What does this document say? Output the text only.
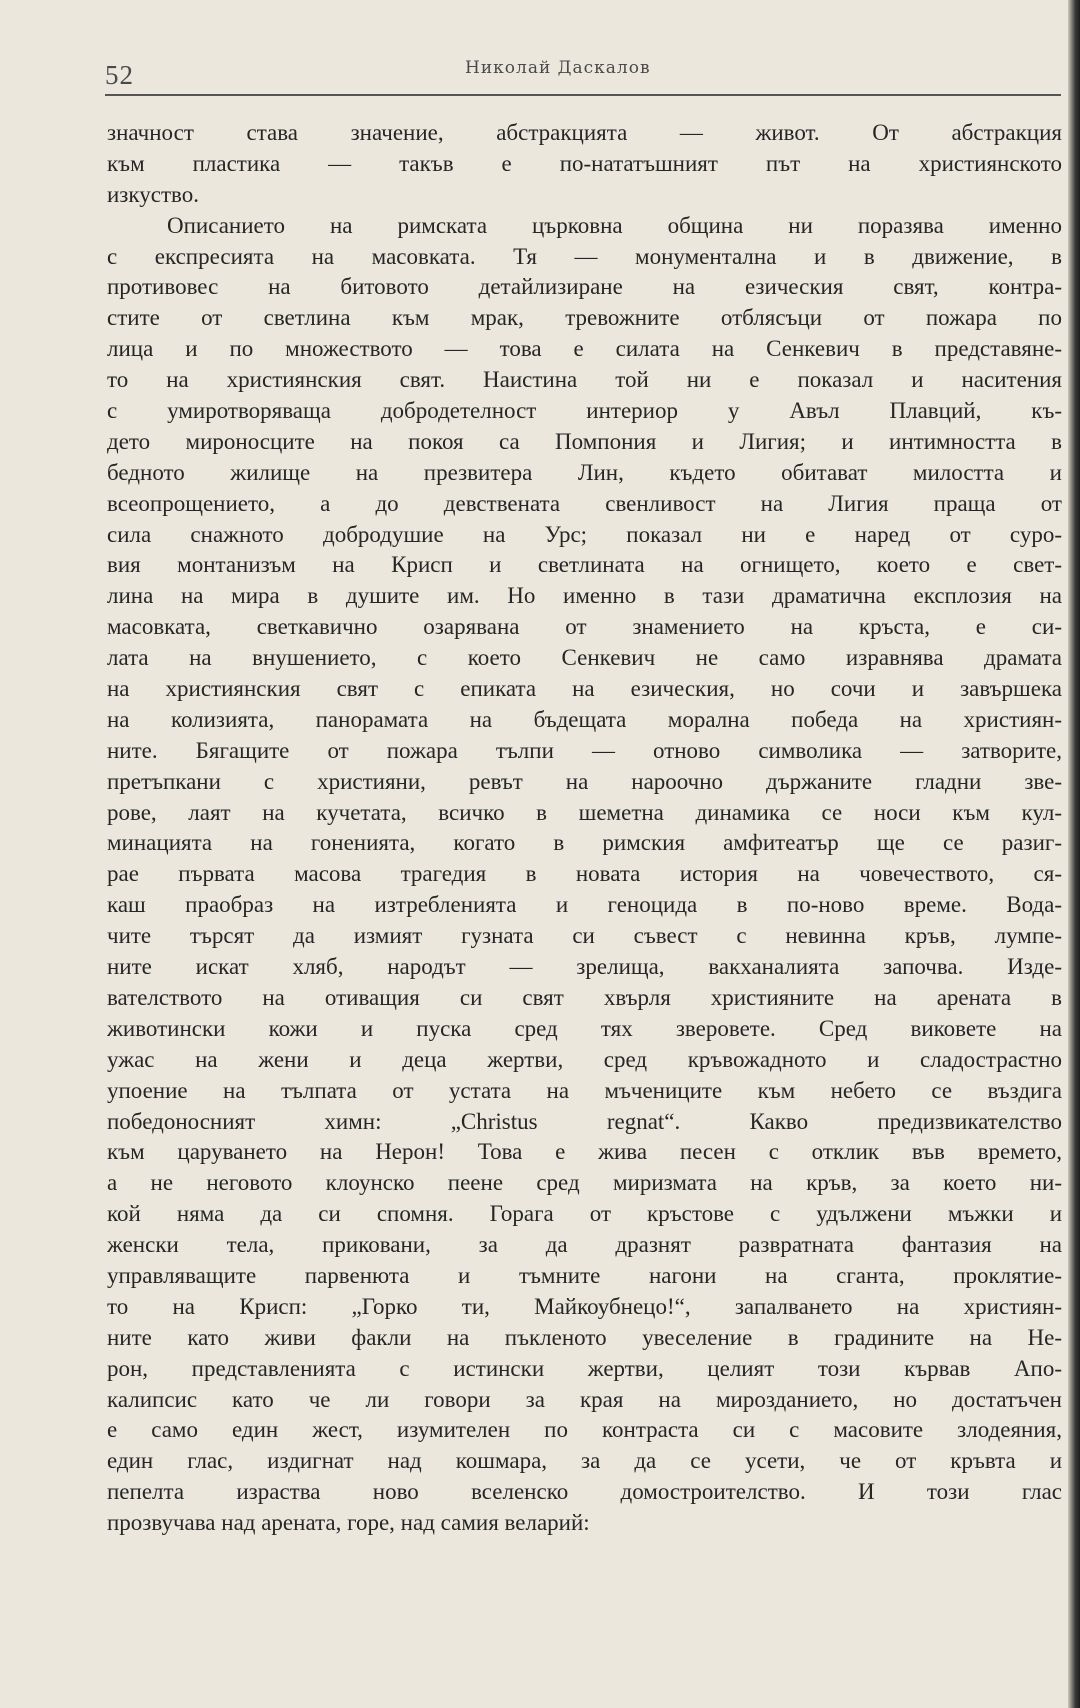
52	Николай Даскалов
значност става значение, абстракцията — живот. От абстракция
към пластика — такъв е по-нататъшният път на християнското
изкуство.
Описанието на римската църковна община ни поразява именно
с експресията на масовката. Тя — монументална и в движение, в
противовес на битовото детайлизиране на езическия свят, контра-
стите от светлина към мрак, тревожните отблясъци от пожара по
лица и по множеството — това е силата на Сенкевич в представяне-
то на християнския свят. Наистина той ни е показал и наситения
с умиротворяваща добродетелност интериор у Авъл Плавций, къ-
дето мироносците на покоя са Помпония и Лигия; и интимността в
бедното жилище на презвитера Лин, където обитават милостта и
всеопрощението, а до девствената свенливост на Лигия праща от
сила снажното добродушие на Урс; показал ни е наред от суро-
вия монтанизъм на Крисп и светлината на огнището, което е свет-
лина на мира в душите им. Но именно в тази драматична експлозия на
масовката, светкавично озарявана от знамението на кръста, е си-
лата на внушението, с което Сенкевич не само изравнява драмата
на християнския свят с епиката на езическия, но сочи и завършека
на колизията, панорамата на бъдещата морална победа на християн-
ните. Бягащите от пожара тълпи — отново символика — затворите,
претъпкани с християни, ревът на нароочно държаните гладни зве-
рове, лаят на кучетата, всичко в шеметна динамика се носи към кул-
минацията на гоненията, когато в римския амфитеатър ще се разиг-
рае първата масова трагедия в новата история на човечеството, ся-
каш праобраз на изтребленията и геноцида в по-ново време. Вода-
чите търсят да измият гузната си съвест с невинна кръв, лумпе-
ните искат хляб, народът — зрелища, вакханалията започва. Изде-
вателството на отиващия си свят хвърля християните на арената в
животински кожи и пуска сред тях зверовете. Сред виковете на
ужас на жени и деца жертви, сред кръвожадното и сладострастно
упоение на тълпата от устата на мъчениците към небето се въздига
победоносният химн: „Christus regnat“. Какво предизвикателство
към царуването на Нерон! Това е жива песен с отклик във времето,
а не неговото клоунско пеене сред миризмата на кръв, за което ни-
кой няма да си спомня. Горага от кръстове с удължени мъжки и
женски тела, приковани, за да дразнят развратната фантазия на
управляващите парвенюта и тъмните нагони на сганта, проклятие-
то на Крисп: „Горко ти, Майкоубнецо!“, запалването на християн-
ните като живи факли на пъкленото увеселение в градините на Не-
рон, представленията с истински жертви, целият този кървав Апо-
калипсис като че ли говори за края на мирозданието, но достатъчен
е само един жест, изумителен по контраста си с масовите злодеяния,
един глас, издигнат над кошмара, за да се усети, че от кръвта и
пепелта израства ново вселенско домостроителство. И този глас
прозвучава над арената, горе, над самия веларий:
